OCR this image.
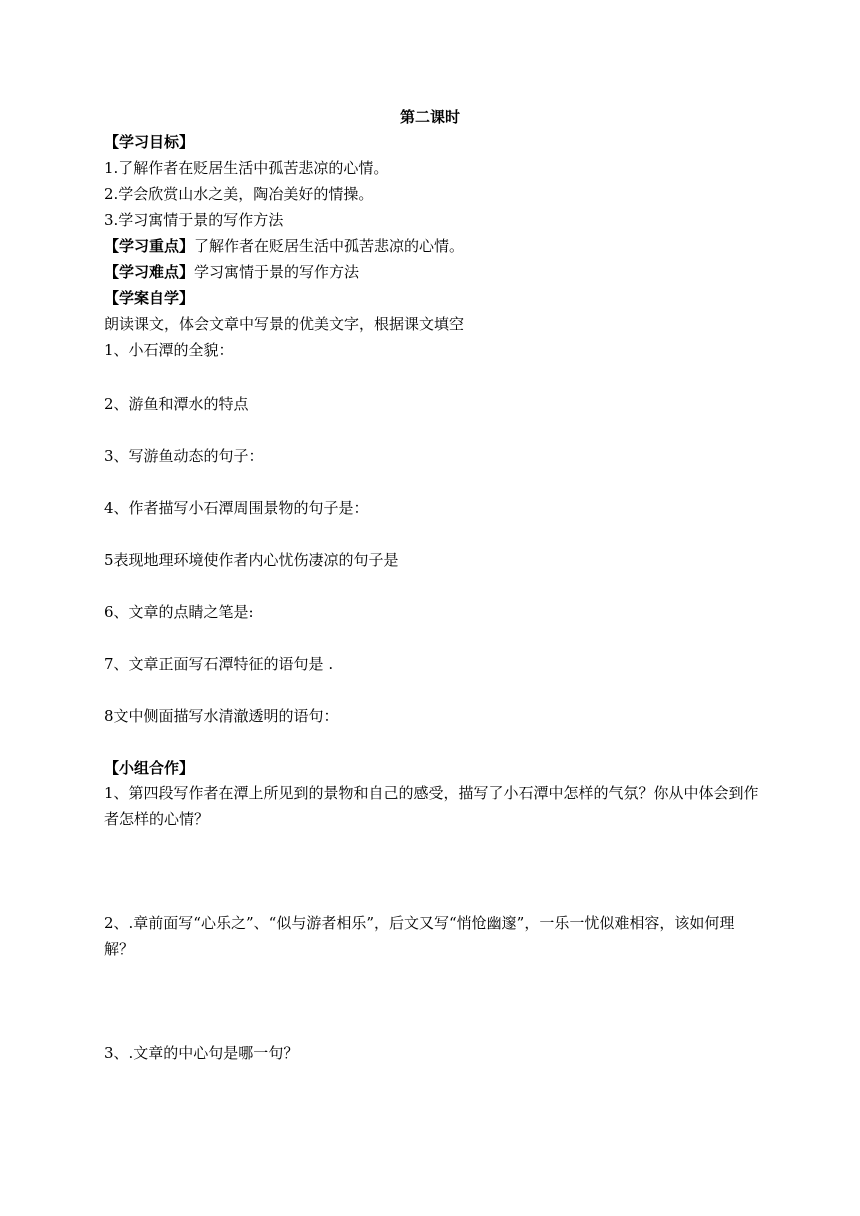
第二课时
【学习目标】
1.了解作者在贬居生活中孤苦悲凉的心情。
2.学会欣赏山水之美，陶冶美好的情操。
3.学习寓情于景的写作方法
【学习重点】了解作者在贬居生活中孤苦悲凉的心情。
【学习难点】学习寓情于景的写作方法
【学案自学】
朗读课文，体会文章中写景的优美文字，根据课文填空
1、小石潭的全貌：
2、游鱼和潭水的特点
3、写游鱼动态的句子：
4、作者描写小石潭周围景物的句子是：
5表现地理环境使作者内心忧伤凄凉的句子是
6、文章的点睛之笔是:
7、文章正面写石潭特征的语句是 .
8文中侧面描写水清澈透明的语句：
【小组合作】
1、第四段写作者在潭上所见到的景物和自己的感受，描写了小石潭中怎样的气氛？你从中体会到作者怎样的心情？
2、.章前面写“心乐之”、“似与游者相乐”，后文又写“悄怆幽邃”，一乐一忧似难相容，该如何理解？
3、.文章的中心句是哪一句？
